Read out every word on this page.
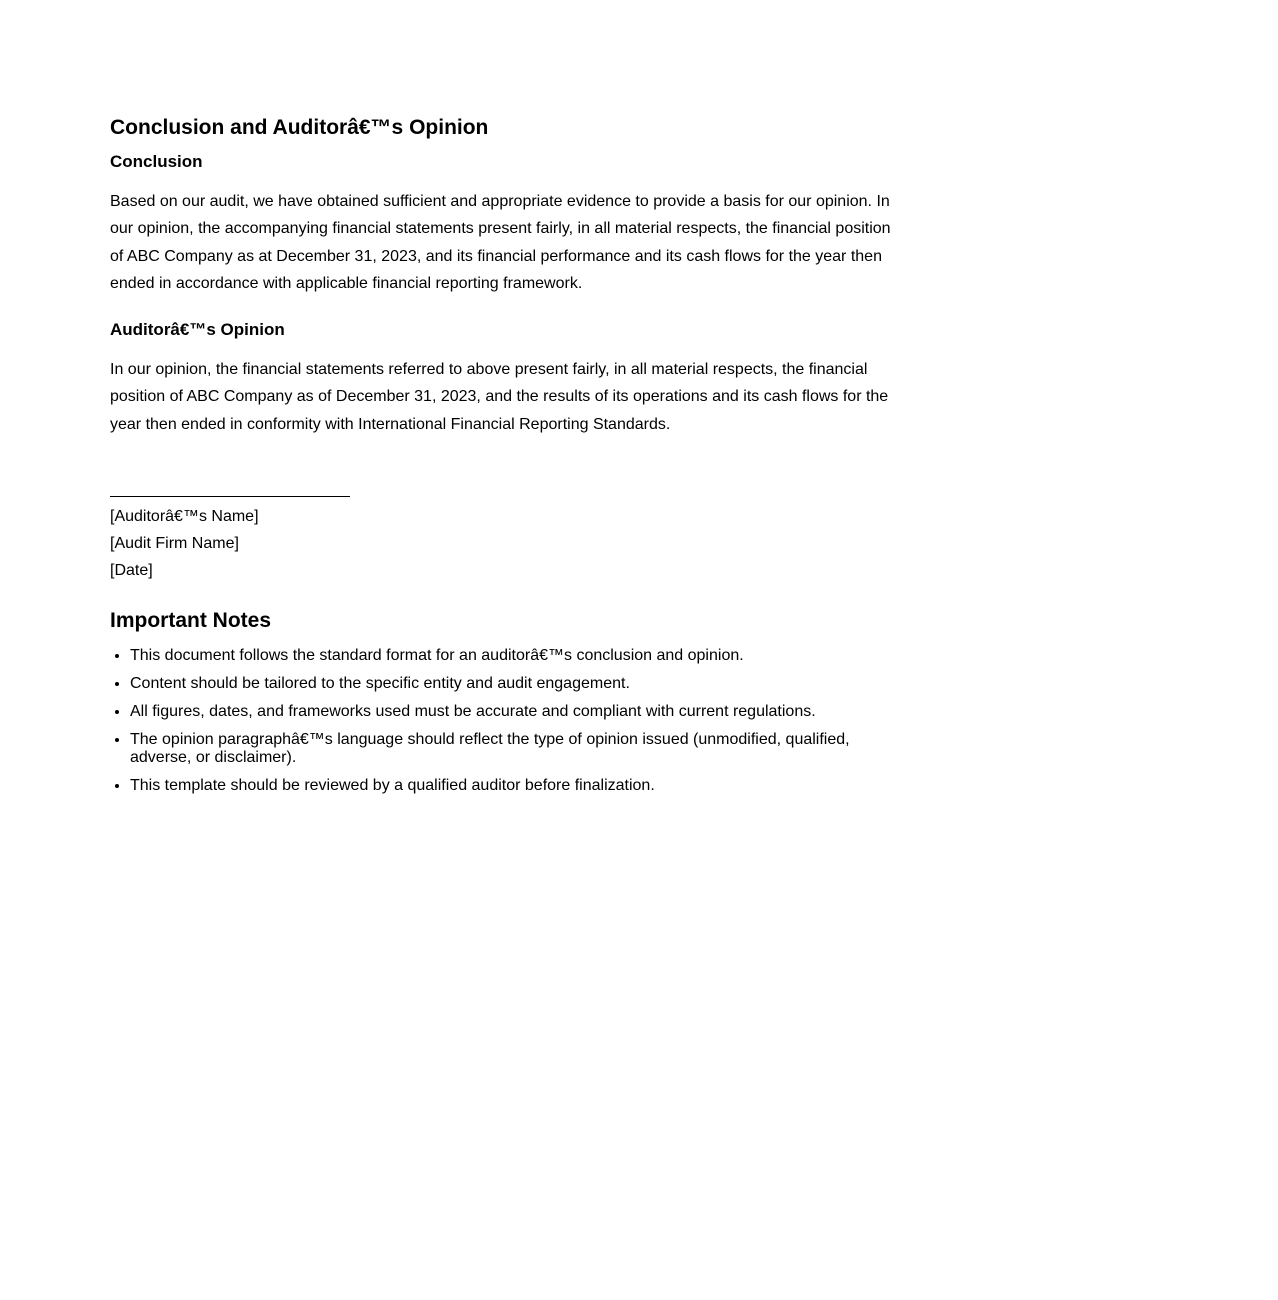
Conclusion and Auditorâ€™s Opinion
Conclusion

Based on our audit, we have obtained sufficient and appropriate evidence to provide a basis for our opinion. In our opinion, the accompanying financial statements present fairly, in all material respects, the financial position of ABC Company as at December 31, 2023, and its financial performance and its cash flows for the year then ended in accordance with applicable financial reporting framework.

Auditorâ€™s Opinion

In our opinion, the financial statements referred to above present fairly, in all material respects, the financial position of ABC Company as of December 31, 2023, and the results of its operations and its cash flows for the year then ended in conformity with International Financial Reporting Standards.

[Auditorâ€™s Name]
[Audit Firm Name]
[Date]
Important Notes
• This document follows the standard format for an auditorâ€™s conclusion and opinion.
• Content should be tailored to the specific entity and audit engagement.
• All figures, dates, and frameworks used must be accurate and compliant with current regulations.
• The opinion paragraphâ€™s language should reflect the type of opinion issued (unmodified, qualified, adverse, or disclaimer).
• This template should be reviewed by a qualified auditor before finalization.
